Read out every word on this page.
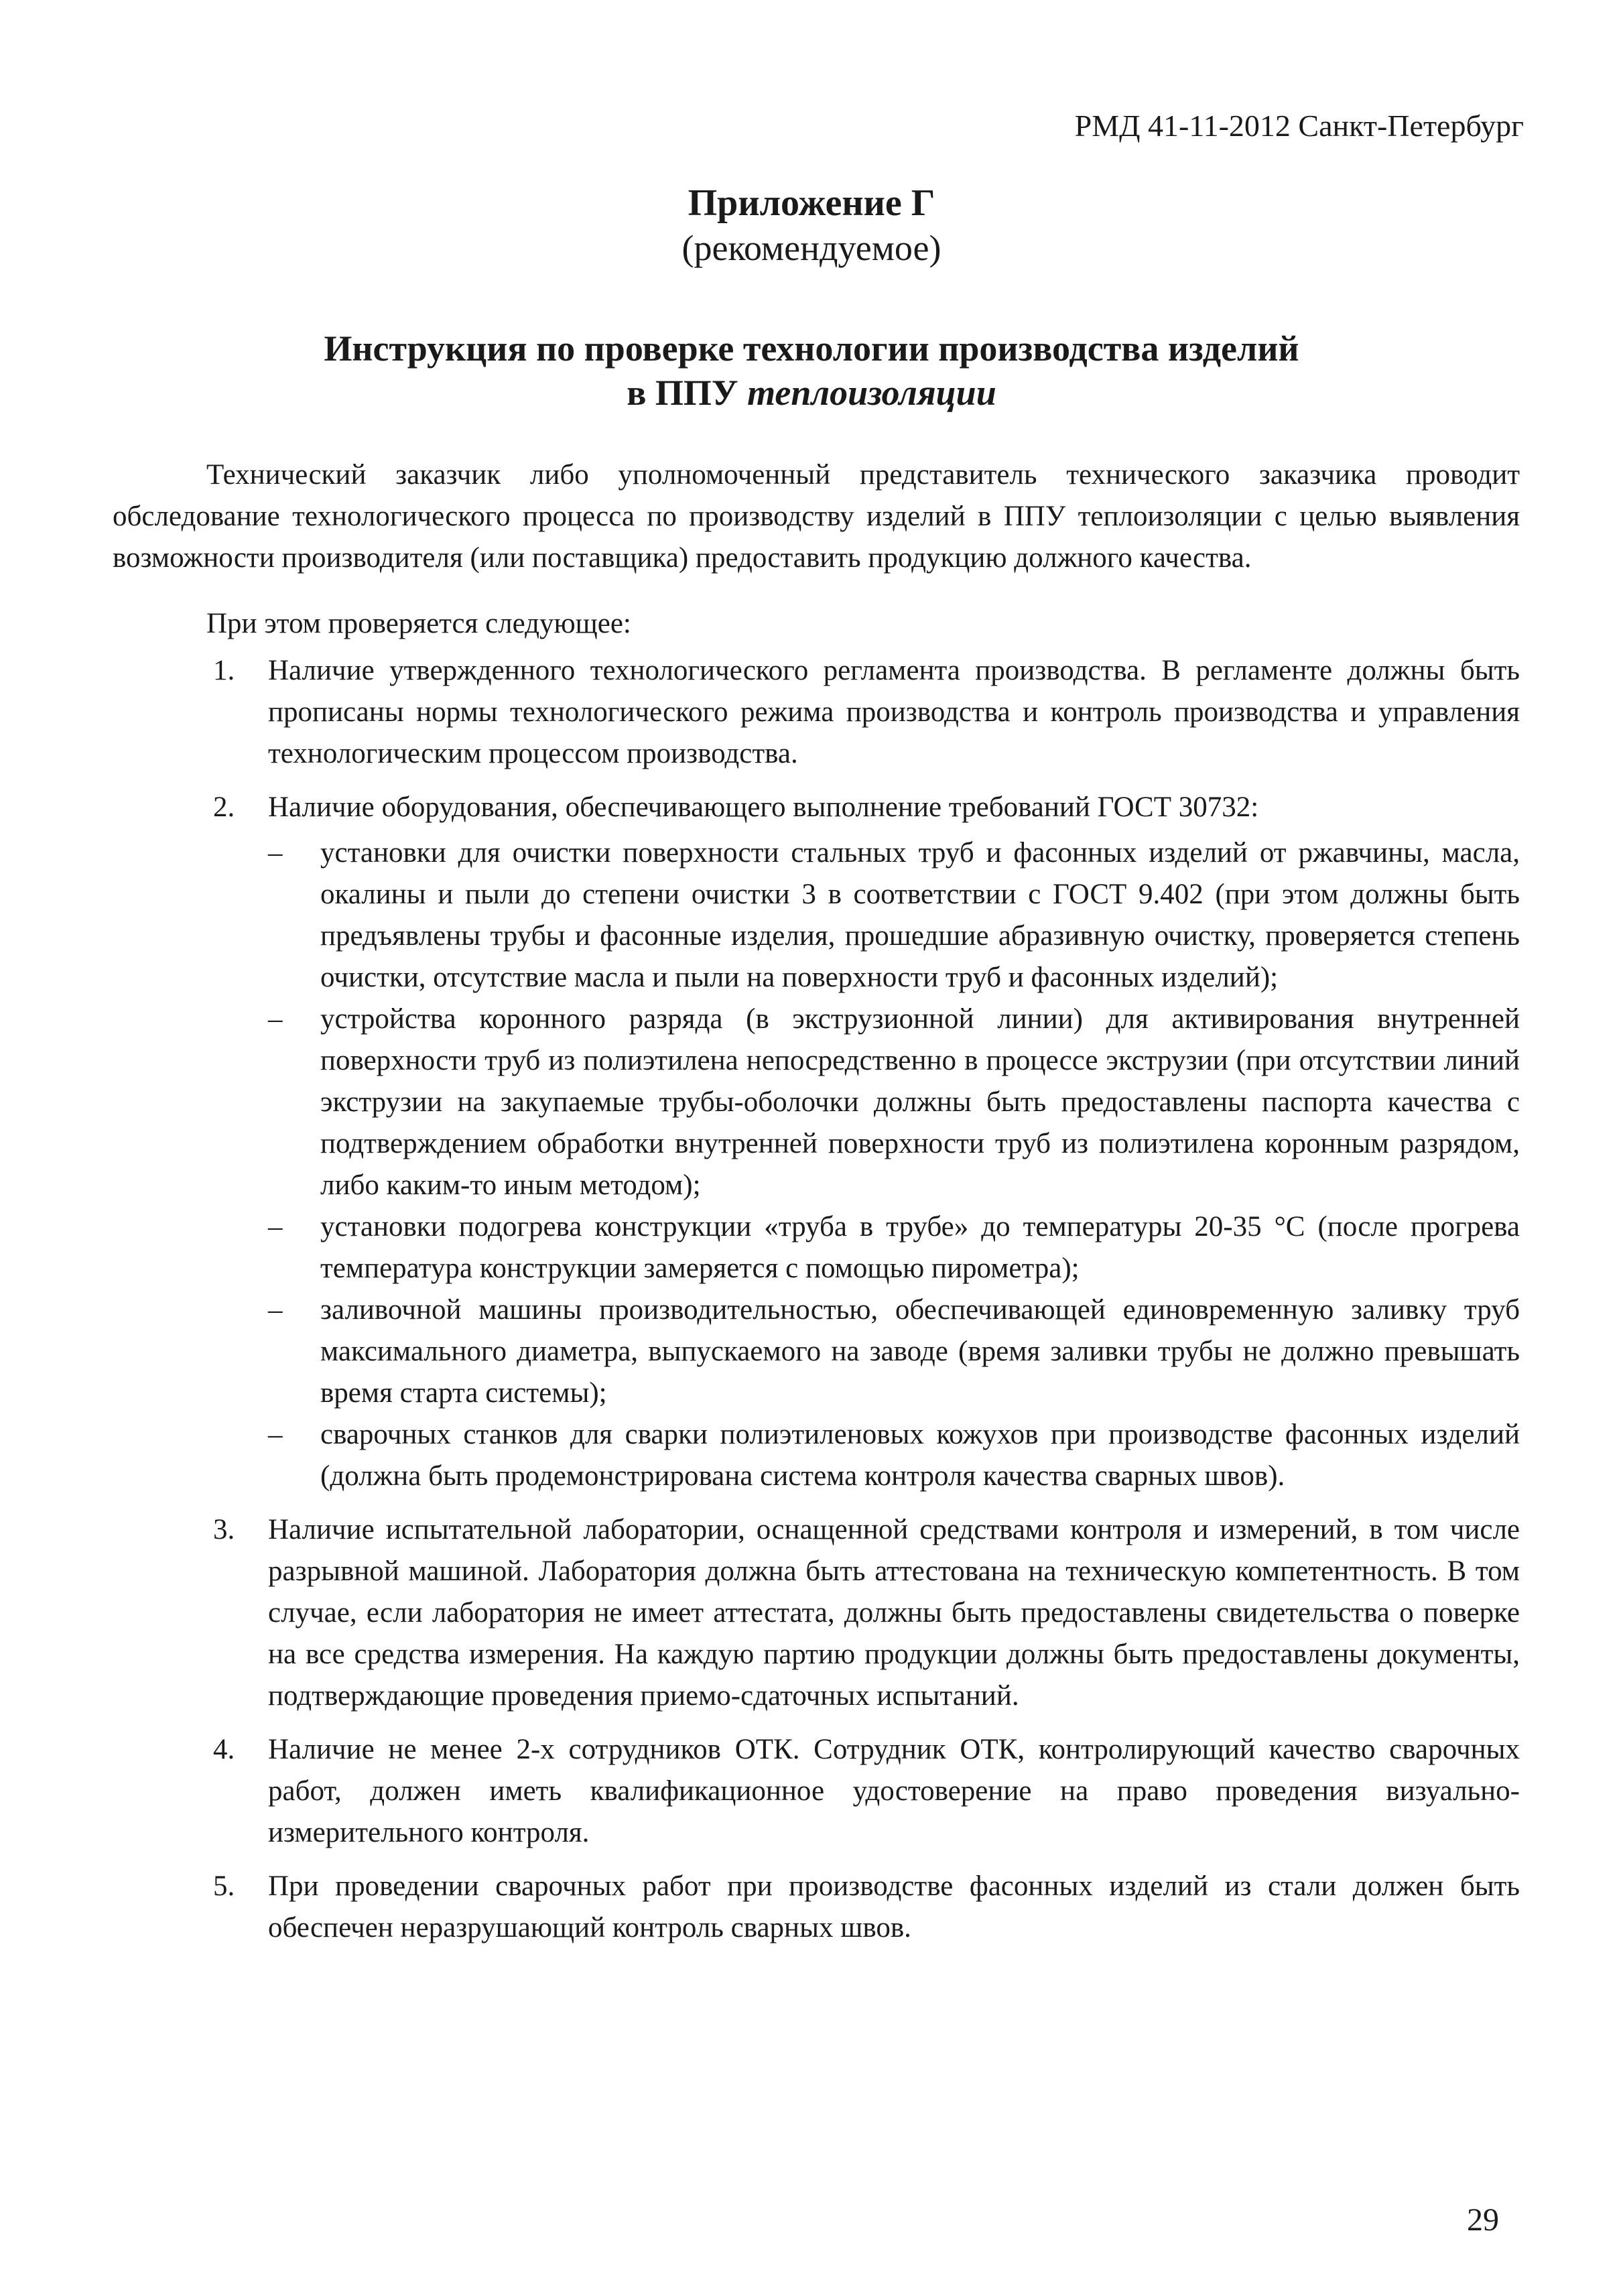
РМД 41-11-2012 Санкт-Петербург
Приложение Г
(рекомендуемое)
Инструкция по проверке технологии производства изделий
в ППУ теплоизоляции

Технический заказчик либо уполномоченный представитель технического заказчика проводит обследование технологического процесса по производству изделий в ППУ теплоизоляции с целью выявления возможности производителя (или поставщика) предоставить продукцию должного качества.

При этом проверяется следующее:
1. Наличие утвержденного технологического регламента производства. В регламенте должны быть прописаны нормы технологического режима производства и контроль производства и управления технологическим процессом производства.
2. Наличие оборудования, обеспечивающего выполнение требований ГОСТ 30732:
– установки для очистки поверхности стальных труб и фасонных изделий от ржавчины, масла, окалины и пыли до степени очистки 3 в соответствии с ГОСТ 9.402 (при этом должны быть предъявлены трубы и фасонные изделия, прошедшие абразивную очистку, проверяется степень очистки, отсутствие масла и пыли на поверхности труб и фасонных изделий);
– устройства коронного разряда (в экструзионной линии) для активирования внутренней поверхности труб из полиэтилена непосредственно в процессе экструзии (при отсутствии линий экструзии на закупаемые трубы-оболочки должны быть предоставлены паспорта качества с подтверждением обработки внутренней поверхности труб из полиэтилена коронным разрядом, либо каким-то иным методом);
– установки подогрева конструкции «труба в трубе» до температуры 20-35 °С (после прогрева температура конструкции замеряется с помощью пирометра);
– заливочной машины производительностью, обеспечивающей единовременную заливку труб максимального диаметра, выпускаемого на заводе (время заливки трубы не должно превышать время старта системы);
– сварочных станков для сварки полиэтиленовых кожухов при производстве фасонных изделий (должна быть продемонстрирована система контроля качества сварных швов).
3. Наличие испытательной лаборатории, оснащенной средствами контроля и измерений, в том числе разрывной машиной. Лаборатория должна быть аттестована на техническую компетентность. В том случае, если лаборатория не имеет аттестата, должны быть предоставлены свидетельства о поверке на все средства измерения. На каждую партию продукции должны быть предоставлены документы, подтверждающие проведения приемо-сдаточных испытаний.
4. Наличие не менее 2-х сотрудников ОТК. Сотрудник ОТК, контролирующий качество сварочных работ, должен иметь квалификационное удостоверение на право проведения визуально-измерительного контроля.
5. При проведении сварочных работ при производстве фасонных изделий из стали должен быть обеспечен неразрушающий контроль сварных швов.
29
